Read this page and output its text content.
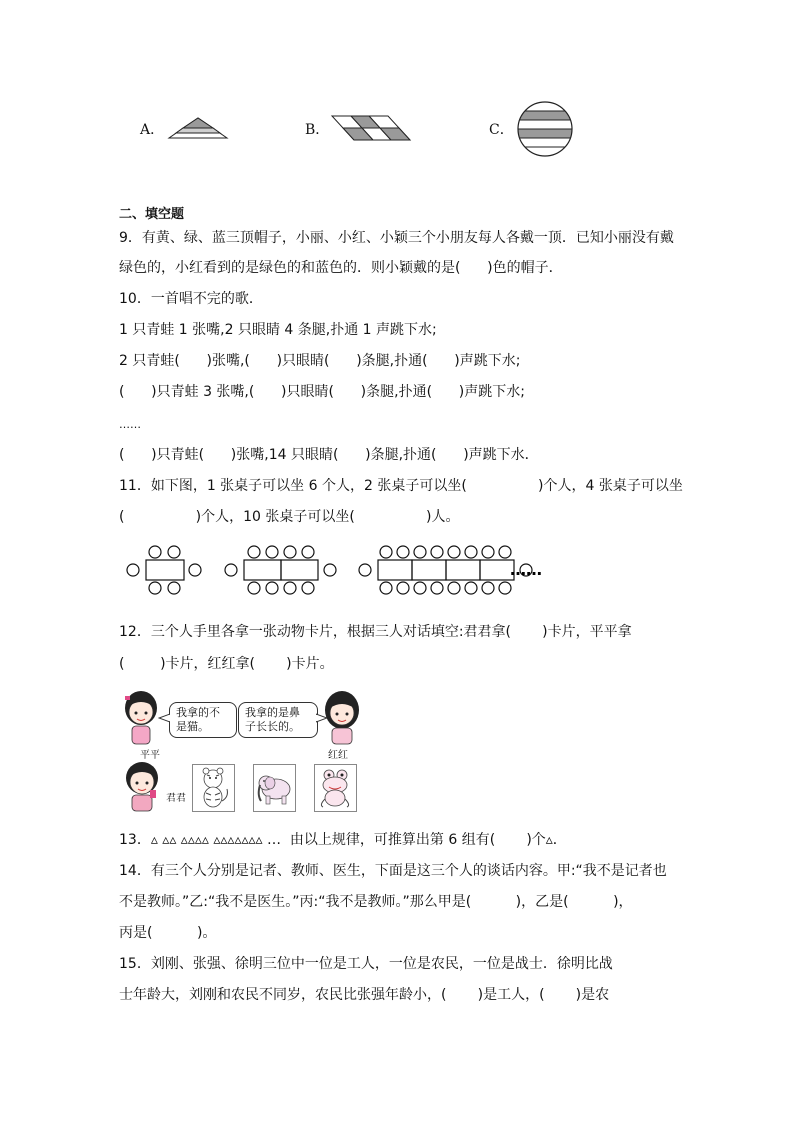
A．	B．	C．
二、填空题
9．有黄、绿、蓝三顶帽子，小丽、小红、小颖三个小朋友每人各戴一顶．已知小丽没有戴
绿色的，小红看到的是绿色的和蓝色的．则小颖戴的是(      )色的帽子．
10．一首唱不完的歌．
1 只青蛙 1 张嘴,2 只眼睛 4 条腿,扑通 1 声跳下水;
2 只青蛙(      )张嘴,(      )只眼睛(      )条腿,扑通(      )声跳下水;
(      )只青蛙 3 张嘴,(      )只眼睛(      )条腿,扑通(      )声跳下水;
……
(      )只青蛙(      )张嘴,14 只眼睛(      )条腿,扑通(      )声跳下水．
11．如下图，1 张桌子可以坐 6 个人，2 张桌子可以坐(                )个人，4 张桌子可以坐
(                )个人，10 张桌子可以坐(                )人。
……
12．三个人手里各拿一张动物卡片，根据三人对话填空:君君拿(       )卡片，平平拿
(        )卡片，红红拿(       )卡片。
平平
我拿的不
是猫。
我拿的是鼻
子长长的。
红红
君君
13．▵ ▵▵ ▵▵▵▵ ▵▵▵▵▵▵▵ …  由以上规律，可推算出第 6 组有(       )个▵．
14．有三个人分别是记者、教师、医生，下面是这三个人的谈话内容。甲:“我不是记者也
不是教师。”乙:“我不是医生。”丙:“我不是教师。”那么甲是(          )，乙是(          )，
丙是(          )。
15．刘刚、张强、徐明三位中一位是工人，一位是农民，一位是战士．徐明比战
士年龄大，刘刚和农民不同岁，农民比张强年龄小，(       )是工人，(       )是农
